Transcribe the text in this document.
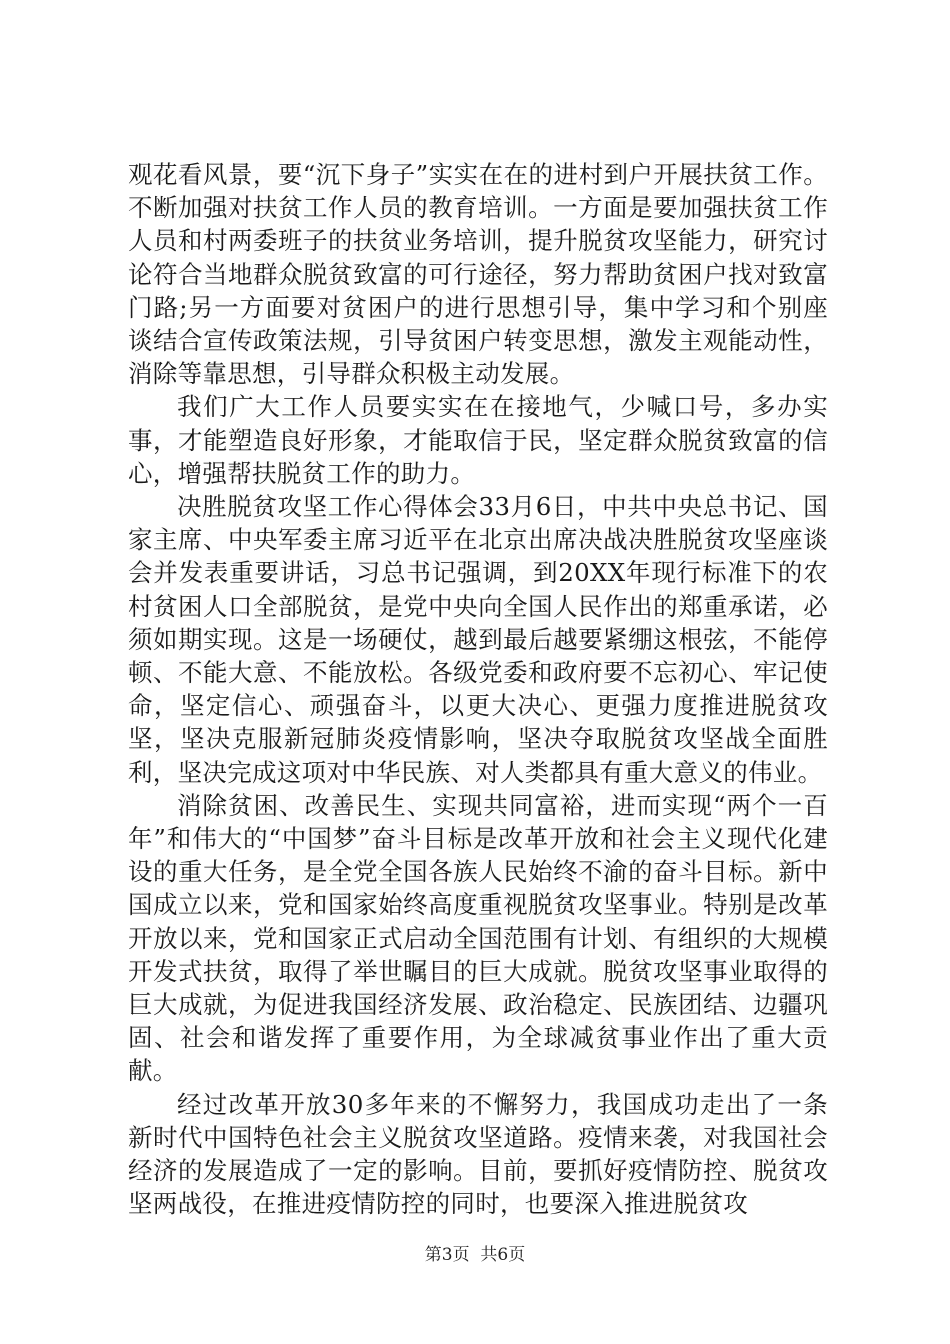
观花看风景，要“沉下身子”实实在在的进村到户开展扶贫工作。不断加强对扶贫工作人员的教育培训。一方面是要加强扶贫工作人员和村两委班子的扶贫业务培训，提升脱贫攻坚能力，研究讨论符合当地群众脱贫致富的可行途径，努力帮助贫困户找对致富门路;另一方面要对贫困户的进行思想引导，集中学习和个别座谈结合宣传政策法规，引导贫困户转变思想，激发主观能动性，消除等靠思想，引导群众积极主动发展。

我们广大工作人员要实实在在接地气，少喊口号，多办实事，才能塑造良好形象，才能取信于民，坚定群众脱贫致富的信心，增强帮扶脱贫工作的助力。

决胜脱贫攻坚工作心得体会33月6日，中共中央总书记、国家主席、中央军委主席习近平在北京出席决战决胜脱贫攻坚座谈会并发表重要讲话，习总书记强调，到20XX年现行标准下的农村贫困人口全部脱贫，是党中央向全国人民作出的郑重承诺，必须如期实现。这是一场硬仗，越到最后越要紧绷这根弦，不能停顿、不能大意、不能放松。各级党委和政府要不忘初心、牢记使命，坚定信心、顽强奋斗，以更大决心、更强力度推进脱贫攻坚，坚决克服新冠肺炎疫情影响，坚决夺取脱贫攻坚战全面胜利，坚决完成这项对中华民族、对人类都具有重大意义的伟业。

消除贫困、改善民生、实现共同富裕，进而实现“两个一百年”和伟大的“中国梦”奋斗目标是改革开放和社会主义现代化建设的重大任务，是全党全国各族人民始终不渝的奋斗目标。新中国成立以来，党和国家始终高度重视脱贫攻坚事业。特别是改革开放以来，党和国家正式启动全国范围有计划、有组织的大规模开发式扶贫，取得了举世瞩目的巨大成就。脱贫攻坚事业取得的巨大成就，为促进我国经济发展、政治稳定、民族团结、边疆巩固、社会和谐发挥了重要作用，为全球减贫事业作出了重大贡献。

经过改革开放30多年来的不懈努力，我国成功走出了一条新时代中国特色社会主义脱贫攻坚道路。疫情来袭，对我国社会经济的发展造成了一定的影响。目前，要抓好疫情防控、脱贫攻坚两战役，在推进疫情防控的同时，也要深入推进脱贫攻

第3页 共6页
